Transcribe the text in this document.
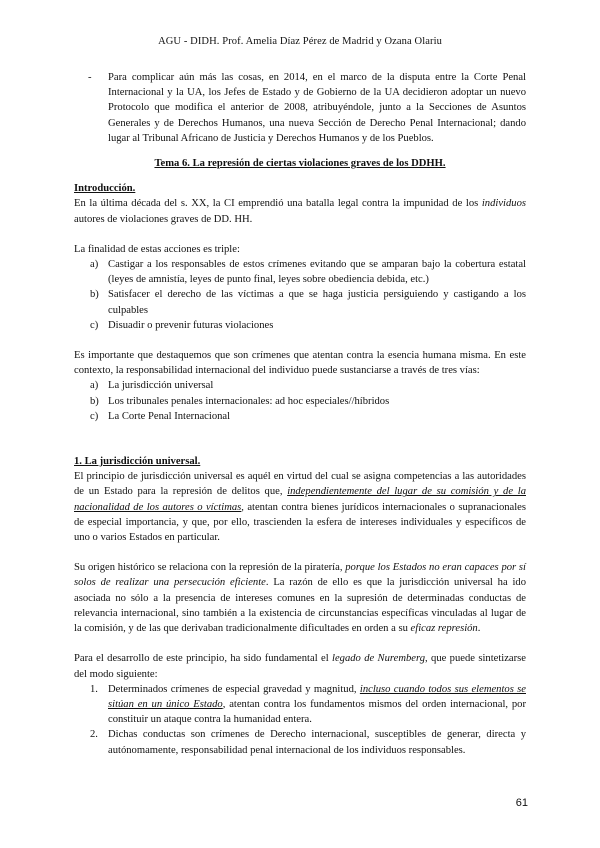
AGU - DIDH. Prof. Amelia Díaz Pérez de Madrid y Ozana Olariu

- Para complicar aún más las cosas, en 2014, en el marco de la disputa entre la Corte Penal Internacional y la UA, los Jefes de Estado y de Gobierno de la UA decidieron adoptar un nuevo Protocolo que modifica el anterior de 2008, atribuyéndole, junto a la Secciones de Asuntos Generales y de Derechos Humanos, una nueva Sección de Derecho Penal Internacional; dando lugar al Tribunal Africano de Justicia y Derechos Humanos y de los Pueblos.

Tema 6. La represión de ciertas violaciones graves de los DDHH.

Introducción.

En la última década del s. XX, la CI emprendió una batalla legal contra la impunidad de los individuos autores de violaciones graves de DD. HH.

La finalidad de estas acciones es triple:

a) Castigar a los responsables de estos crímenes evitando que se amparan bajo la cobertura estatal (leyes de amnistía, leyes de punto final, leyes sobre obediencia debida, etc.)
b) Satisfacer el derecho de las víctimas a que se haga justicia persiguiendo y castigando a los culpables
c) Disuadir o prevenir futuras violaciones

Es importante que destaquemos que son crímenes que atentan contra la esencia humana misma. En este contexto, la responsabilidad internacional del individuo puede sustanciarse a través de tres vías:

a) La jurisdicción universal
b) Los tribunales penales internacionales: ad hoc especiales//híbridos
c) La Corte Penal Internacional

1. La jurisdicción universal.

El principio de jurisdicción universal es aquél en virtud del cual se asigna competencias a las autoridades de un Estado para la represión de delitos que, independientemente del lugar de su comisión y de la nacionalidad de los autores o víctimas, atentan contra bienes jurídicos internacionales o supranacionales de especial importancia, y que, por ello, trascienden la esfera de intereses individuales y específicos de uno o varios Estados en particular.

Su origen histórico se relaciona con la represión de la piratería, porque los Estados no eran capaces por sí solos de realizar una persecución eficiente. La razón de ello es que la jurisdicción universal ha ido asociada no sólo a la presencia de intereses comunes en la supresión de determinadas conductas de relevancia internacional, sino también a la existencia de circunstancias específicas vinculadas al lugar de la comisión, y de las que derivaban tradicionalmente dificultades en orden a su eficaz represión.

Para el desarrollo de este principio, ha sido fundamental el legado de Nuremberg, que puede sintetizarse del modo siguiente:

1. Determinados crímenes de especial gravedad y magnitud, incluso cuando todos sus elementos se sitúan en un único Estado, atentan contra los fundamentos mismos del orden internacional, por constituir un ataque contra la humanidad entera.
2. Dichas conductas son crímenes de Derecho internacional, susceptibles de generar, directa y autónomamente, responsabilidad penal internacional de los individuos responsables.
61
